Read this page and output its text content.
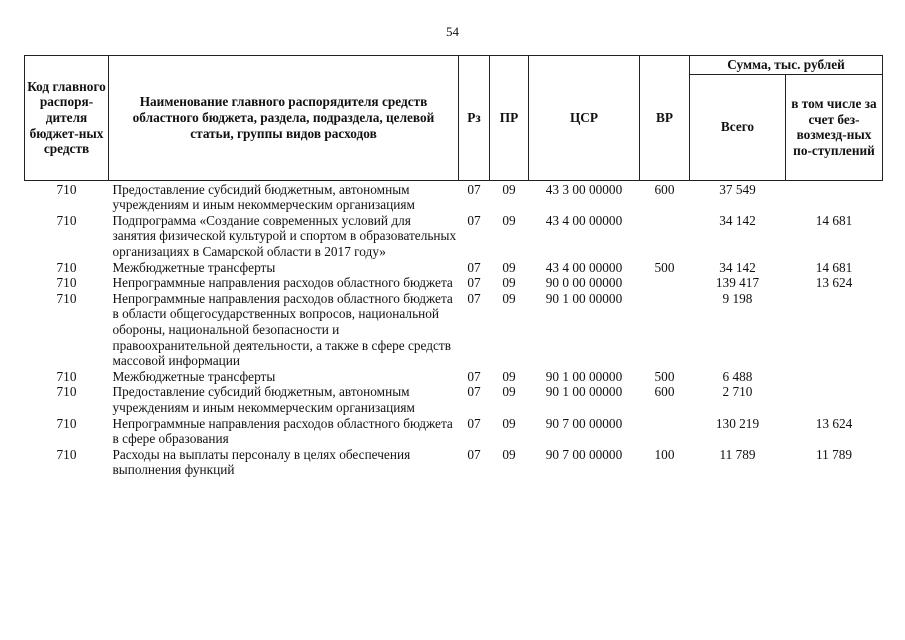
54
Код главного распоря-дителя бюджет-ных средств	Наименование главного распорядителя средств областного бюджета, раздела, подраздела, целевой статьи, группы видов расходов	Рз	ПР	ЦСР	ВР	Сумма, тыс. рублей	
						Всего	в том числе за счет без-возмезд-ных по-ступлений
710	Предоставление субсидий бюджетным, автономным учреждениям и иным некоммерческим организациям	07	09	43 3 00 00000	600	37 549	
710	Подпрограмма «Создание современных условий для занятия физической культурой и спортом в образовательных организациях в Самарской области в 2017 году»	07	09	43 4 00 00000		34 142	14 681
710	Межбюджетные трансферты	07	09	43 4 00 00000	500	34 142	14 681
710	Непрограммные направления расходов областного бюджета	07	09	90 0 00 00000		139 417	13 624
710	Непрограммные направления расходов областного бюджета в области общегосударственных вопросов, национальной обороны, национальной безопасности и правоохранительной деятельности, а также в сфере средств массовой информации	07	09	90 1 00 00000		9 198	
710	Межбюджетные трансферты	07	09	90 1 00 00000	500	6 488	
710	Предоставление субсидий бюджетным, автономным учреждениям и иным некоммерческим организациям	07	09	90 1 00 00000	600	2 710	
710	Непрограммные направления расходов областного бюджета в сфере образования	07	09	90 7 00 00000		130 219	13 624
710	Расходы на выплаты персоналу в целях обеспечения выполнения функций	07	09	90 7 00 00000	100	11 789	11 789
